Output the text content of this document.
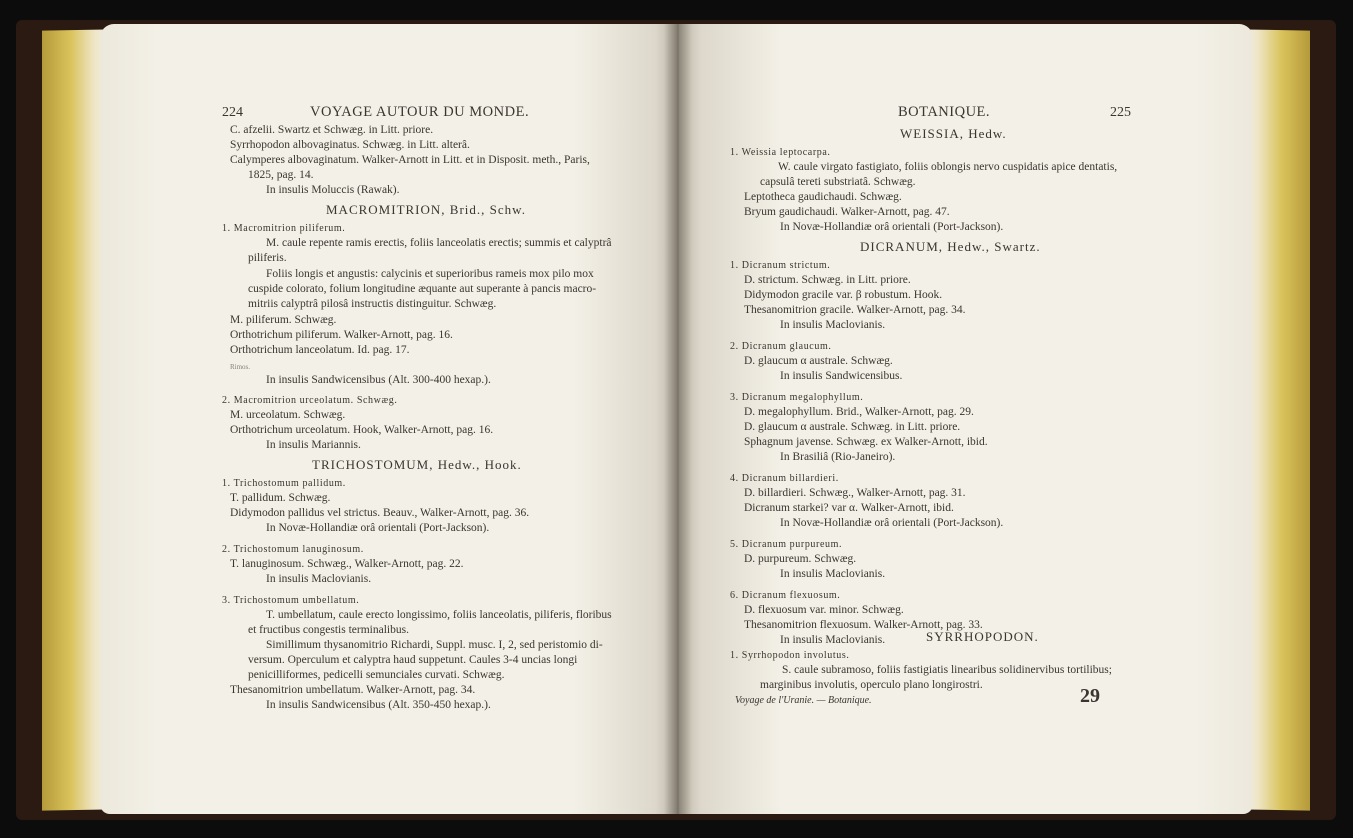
224	VOYAGE AUTOUR DU MONDE.
C. afzelii. Swartz et Schwæg. in Litt. priore.
Syrrhopodon albovaginatus. Schwæg. in Litt. alterâ.
Calymperes albovaginatum. Walker-Arnott in Litt. et in Disposit. meth., Paris,
1825, pag. 14.
In insulis Moluccis (Rawak).
MACROMITRION, Brid., Schw.
1. Macromitrion piliferum.
M. caule repente ramis erectis, foliis lanceolatis erectis; summis et calyptrâ
piliferis.
Foliis longis et angustis: calycinis et superioribus rameis mox pilo mox
cuspide colorato, folium longitudine æquante aut superante à pancis macro-
mitriis calyptrâ pilosâ instructis distinguitur. Schwæg.
M. piliferum. Schwæg.
Orthotrichum piliferum. Walker-Arnott, pag. 16.
Orthotrichum lanceolatum. Id. pag. 17.
Rimos.
In insulis Sandwicensibus (Alt. 300-400 hexap.).
2. Macromitrion urceolatum. Schwæg.
M. urceolatum. Schwæg.
Orthotrichum urceolatum. Hook, Walker-Arnott, pag. 16.
In insulis Mariannis.
TRICHOSTOMUM, Hedw., Hook.
1. Trichostomum pallidum.
T. pallidum. Schwæg.
Didymodon pallidus vel strictus. Beauv., Walker-Arnott, pag. 36.
In Novæ-Hollandiæ orâ orientali (Port-Jackson).
2. Trichostomum lanuginosum.
T. lanuginosum. Schwæg., Walker-Arnott, pag. 22.
In insulis Maclovianis.
3. Trichostomum umbellatum.
T. umbellatum, caule erecto longissimo, foliis lanceolatis, piliferis, floribus
et fructibus congestis terminalibus.
Simillimum thysanomitrio Richardi, Suppl. musc. I, 2, sed peristomio di-
versum. Operculum et calyptra haud suppetunt. Caules 3-4 uncias longi
penicilliformes, pedicelli semunciales curvati. Schwæg.
Thesanomitrion umbellatum. Walker-Arnott, pag. 34.
In insulis Sandwicensibus (Alt. 350-450 hexap.).
BOTANIQUE.	225
WEISSIA, Hedw.
1. Weissia leptocarpa.
W. caule virgato fastigiato, foliis oblongis nervo cuspidatis apice dentatis,
capsulâ tereti substriatâ. Schwæg.
Leptotheca gaudichaudi. Schwæg.
Bryum gaudichaudi. Walker-Arnott, pag. 47.
In Novæ-Hollandiæ orâ orientali (Port-Jackson).
DICRANUM, Hedw., Swartz.
1. Dicranum strictum.
D. strictum. Schwæg. in Litt. priore.
Didymodon gracile var. β robustum. Hook.
Thesanomitrion gracile. Walker-Arnott, pag. 34.
In insulis Maclovianis.
2. Dicranum glaucum.
D. glaucum α australe. Schwæg.
In insulis Sandwicensibus.
3. Dicranum megalophyllum.
D. megalophyllum. Brid., Walker-Arnott, pag. 29.
D. glaucum α australe. Schwæg. in Litt. priore.
Sphagnum javense. Schwæg. ex Walker-Arnott, ibid.
In Brasiliâ (Rio-Janeiro).
4. Dicranum billardieri.
D. billardieri. Schwæg., Walker-Arnott, pag. 31.
Dicranum starkei? var α. Walker-Arnott, ibid.
In Novæ-Hollandiæ orâ orientali (Port-Jackson).
5. Dicranum purpureum.
D. purpureum. Schwæg.
In insulis Maclovianis.
6. Dicranum flexuosum.
D. flexuosum var. minor. Schwæg.
Thesanomitrion flexuosum. Walker-Arnott, pag. 33.
In insulis Maclovianis.	SYRRHOPODON.
1. Syrrhopodon involutus.
S. caule subramoso, foliis fastigiatis linearibus solidinervibus tortilibus;
marginibus involutis, operculo plano longirostri.
Voyage de l'Uranie. — Botanique.	29
